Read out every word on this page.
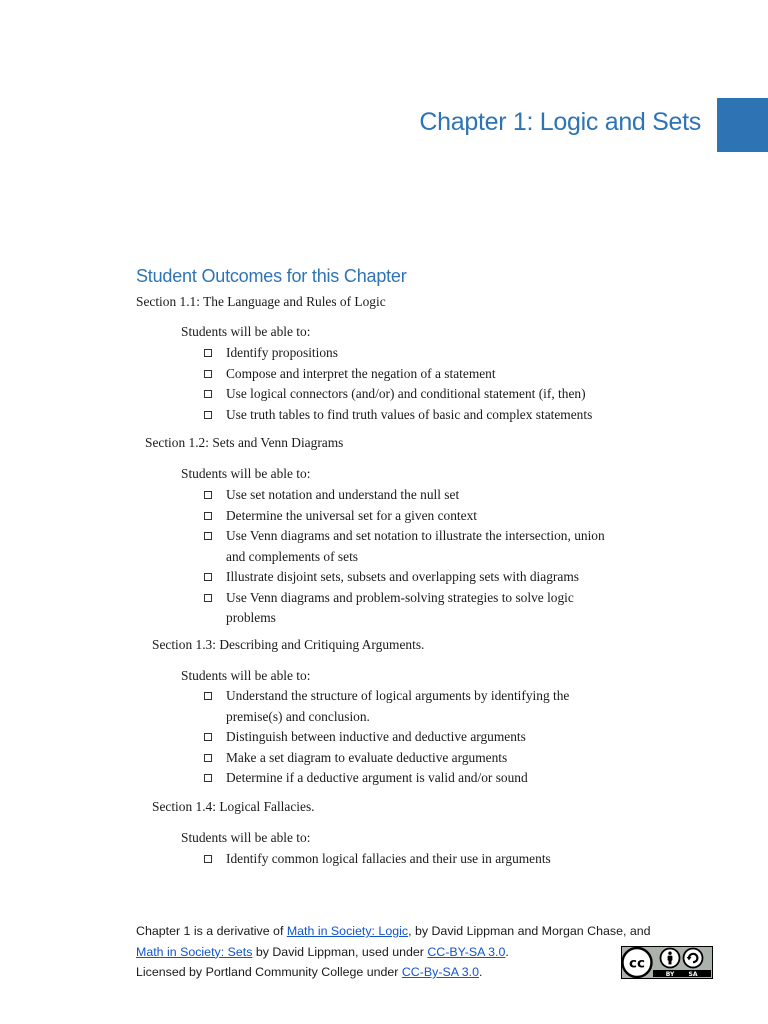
Chapter 1: Logic and Sets
Student Outcomes for this Chapter
Section 1.1: The Language and Rules of Logic
Students will be able to:
Identify propositions
Compose and interpret the negation of a statement
Use logical connectors (and/or) and conditional statement (if, then)
Use truth tables to find truth values of basic and complex statements
Section 1.2: Sets and Venn Diagrams
Students will be able to:
Use set notation and understand the null set
Determine the universal set for a given context
Use Venn diagrams and set notation to illustrate the intersection, union
and complements of sets
Illustrate disjoint sets, subsets and overlapping sets with diagrams
Use Venn diagrams and problem-solving strategies to solve logic
problems
Section 1.3: Describing and Critiquing Arguments.
Students will be able to:
Understand the structure of logical arguments by identifying the
premise(s) and conclusion.
Distinguish between inductive and deductive arguments
Make a set diagram to evaluate deductive arguments
Determine if a deductive argument is valid and/or sound
Section 1.4: Logical Fallacies.
Students will be able to:
Identify common logical fallacies and their use in arguments

Chapter 1 is a derivative of Math in Society: Logic, by David Lippman and Morgan Chase, and
Math in Society: Sets by David Lippman, used under CC-BY-SA 3.0.
Licensed by Portland Community College under CC-By-SA 3.0.

cc
BY SA
